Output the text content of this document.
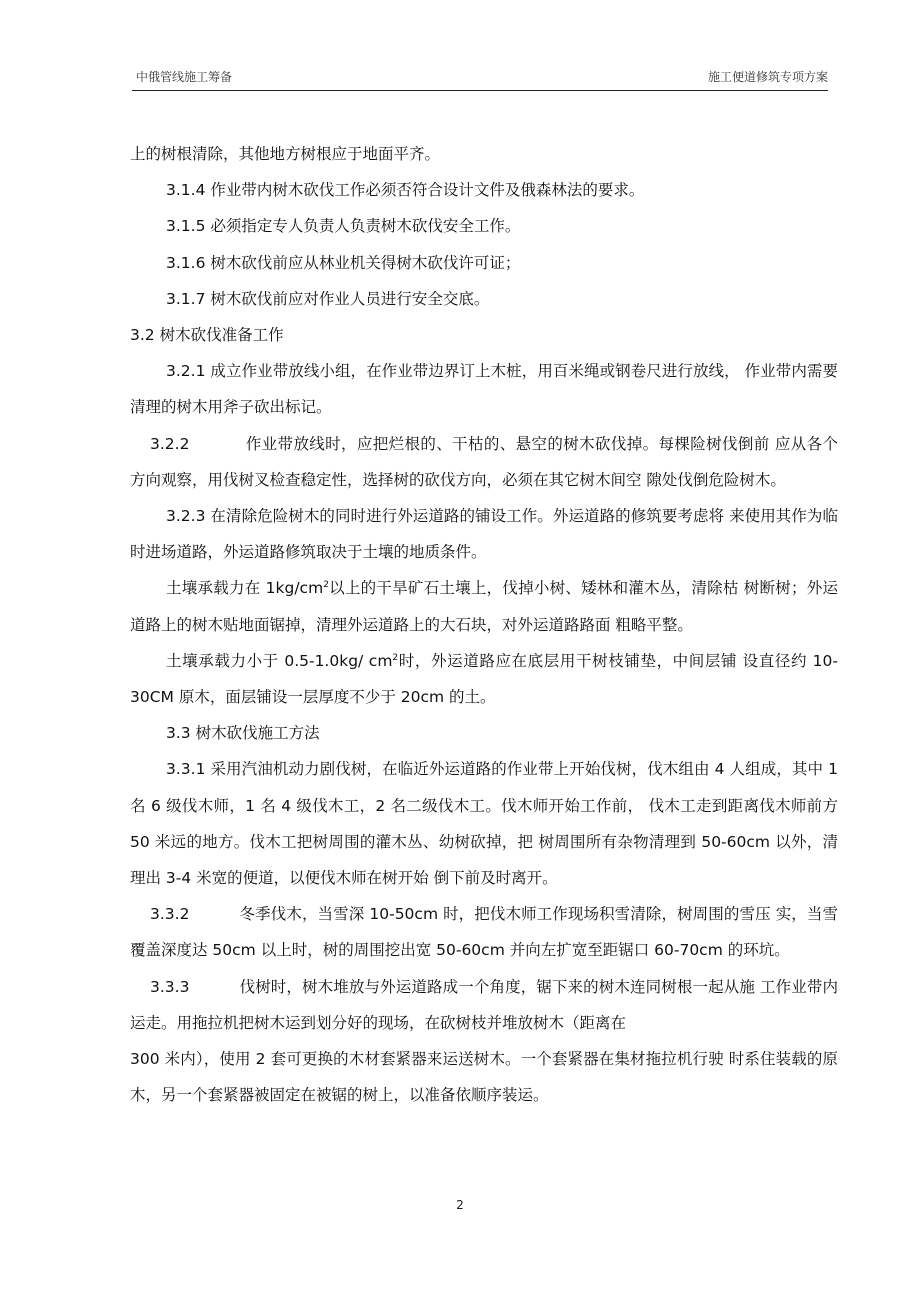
中俄管线施工筹备	施工便道修筑专项方案

上的树根清除，其他地方树根应于地面平齐。

3.1.4 作业带内树木砍伐工作必须否符合设计文件及俄森林法的要求。

3.1.5 必须指定专人负责人负责树木砍伐安全工作。

3.1.6 树木砍伐前应从林业机关得树木砍伐许可证；

3.1.7 树木砍伐前应对作业人员进行安全交底。

3.2 树木砍伐准备工作

3.2.1 成立作业带放线小组，在作业带边界订上木桩，用百米绳或钢卷尺进行放线， 作业带内需要清理的树木用斧子砍出标记。

3.2.2	作业带放线时，应把烂根的、干枯的、悬空的树木砍伐掉。每棵险树伐倒前 应从各个方向观察，用伐树叉检查稳定性，选择树的砍伐方向，必须在其它树木间空 隙处伐倒危险树木。

3.2.3 在清除危险树木的同时进行外运道路的铺设工作。外运道路的修筑要考虑将 来使用其作为临时进场道路，外运道路修筑取决于土壤的地质条件。

土壤承载力在 $1kg/cm^2$以上的干旱矿石土壤上，伐掉小树、矮林和灌木丛，清除枯 树断树；外运道路上的树木贴地面锯掉，清理外运道路上的大石块，对外运道路路面 粗略平整。

土壤承载力小于 0.5-1.0kg/ $cm^2$时，外运道路应在底层用干树枝铺垫，中间层铺 设直径约 10-30CM 原木，面层铺设一层厚度不少于 20cm 的土。

3.3 树木砍伐施工方法

3.3.1 采用汽油机动力剧伐树，在临近外运道路的作业带上开始伐树，伐木组由 4 人组成，其中 1 名 6 级伐木师，1 名 4 级伐木工，2 名二级伐木工。伐木师开始工作前， 伐木工走到距离伐木师前方 50 米远的地方。伐木工把树周围的灌木丛、幼树砍掉，把 树周围所有杂物清理到 50-60cm 以外，清理出 3-4 米宽的便道，以便伐木师在树开始 倒下前及时离开。

3.3.2	冬季伐木，当雪深 10-50cm 时，把伐木师工作现场积雪清除，树周围的雪压 实，当雪覆盖深度达 50cm 以上时，树的周围挖出宽 50-60cm 并向左扩宽至距锯口 60-70cm 的环坑。

3.3.3	伐树时，树木堆放与外运道路成一个角度，锯下来的树木连同树根一起从施 工作业带内运走。用拖拉机把树木运到划分好的现场，在砍树枝并堆放树木（距离在

300 米内），使用 2 套可更换的木材套紧器来运送树木。一个套紧器在集材拖拉机行驶 时系住装载的原木，另一个套紧器被固定在被锯的树上，以准备依顺序装运。

2
